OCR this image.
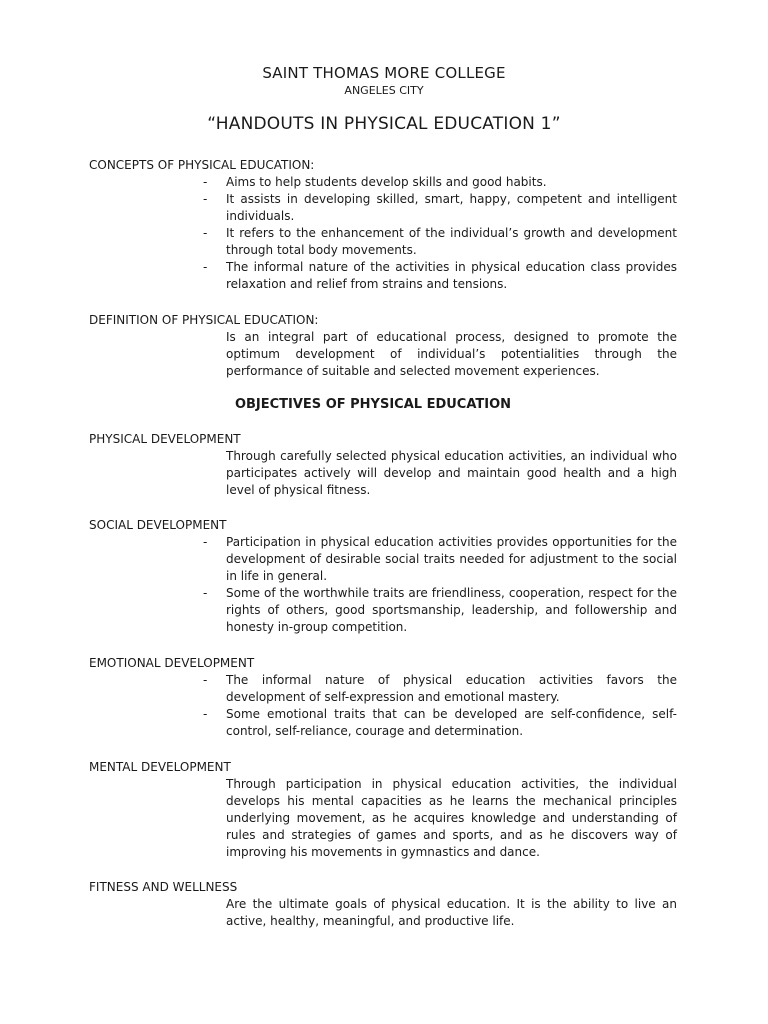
SAINT THOMAS MORE COLLEGE
ANGELES CITY
“HANDOUTS IN PHYSICAL EDUCATION 1”
CONCEPTS OF PHYSICAL EDUCATION:
- Aims to help students develop skills and good habits.
- It assists in developing skilled, smart, happy, competent and intelligent individuals.
- It refers to the enhancement of the individual’s growth and development through total body movements.
- The informal nature of the activities in physical education class provides relaxation and relief from strains and tensions.
DEFINITION OF PHYSICAL EDUCATION:
Is an integral part of educational process, designed to promote the optimum development of individual’s potentialities through the performance of suitable and selected movement experiences.
OBJECTIVES OF PHYSICAL EDUCATION
PHYSICAL DEVELOPMENT
Through carefully selected physical education activities, an individual who participates actively will develop and maintain good health and a high level of physical fitness.
SOCIAL DEVELOPMENT
- Participation in physical education activities provides opportunities for the development of desirable social traits needed for adjustment to the social in life in general.
- Some of the worthwhile traits are friendliness, cooperation, respect for the rights of others, good sportsmanship, leadership, and followership and honesty in-group competition.
EMOTIONAL DEVELOPMENT
- The informal nature of physical education activities favors the development of self-expression and emotional mastery.
- Some emotional traits that can be developed are self-confidence, self-control, self-reliance, courage and determination.
MENTAL DEVELOPMENT
Through participation in physical education activities, the individual develops his mental capacities as he learns the mechanical principles underlying movement, as he acquires knowledge and understanding of rules and strategies of games and sports, and as he discovers way of improving his movements in gymnastics and dance.
FITNESS AND WELLNESS
Are the ultimate goals of physical education. It is the ability to live an active, healthy, meaningful, and productive life.
